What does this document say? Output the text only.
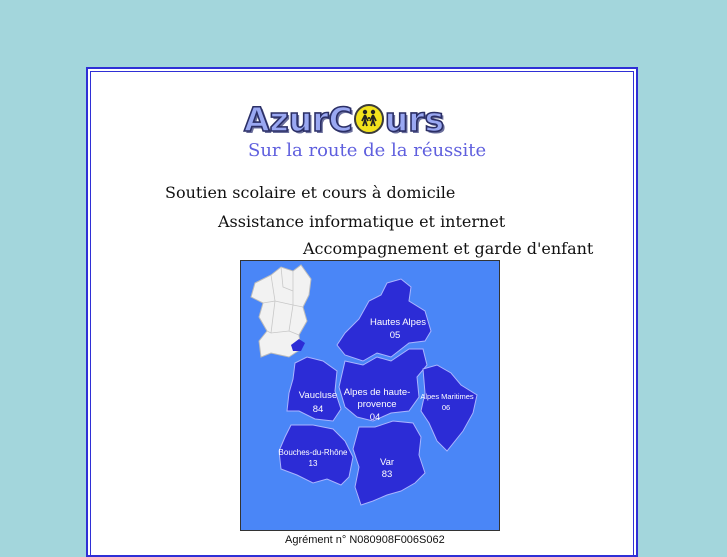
AzurC urs
Sur la route de la réussite
Soutien scolaire et cours à domicile
Assistance informatique et internet
Accompagnement et garde d'enfant
Hautes Alpes
05
Alpes de haute-
provence
04
Vaucluse
84
Alpes Maritimes
06
Bouches-du-Rhône
13	Var
83
Agrément n° N080908F006S062
